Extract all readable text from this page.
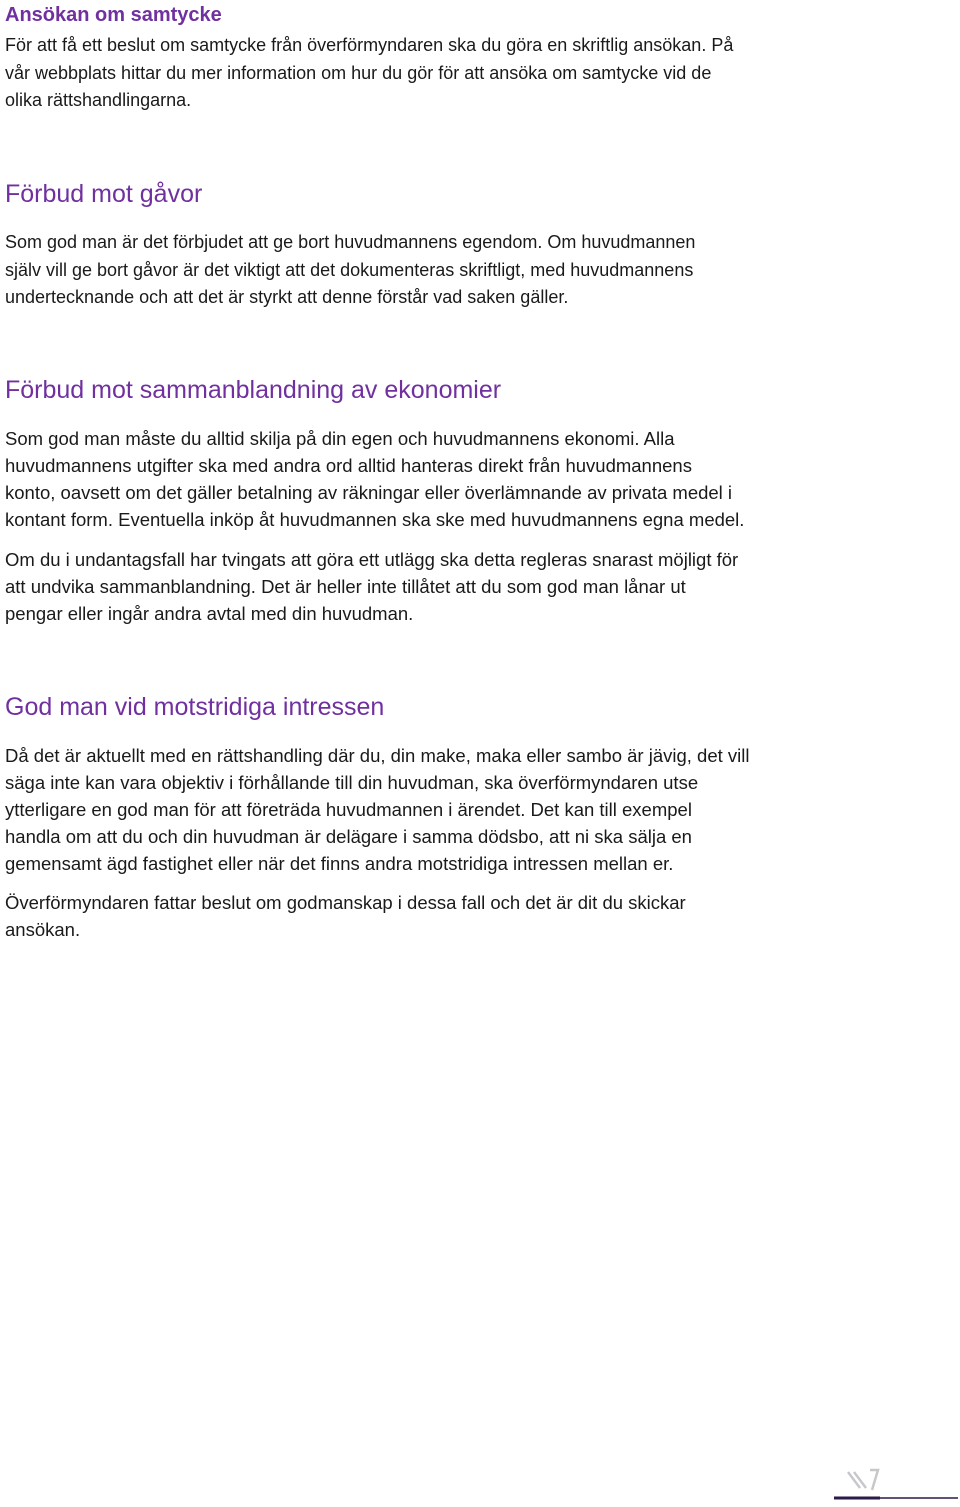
Ansökan om samtycke

För att få ett beslut om samtycke från överförmyndaren ska du göra en skriftlig ansökan. På
vår webbplats hittar du mer information om hur du gör för att ansöka om samtycke vid de
olika rättshandlingarna.

Förbud mot gåvor

Som god man är det förbjudet att ge bort huvudmannens egendom. Om huvudmannen
själv vill ge bort gåvor är det viktigt att det dokumenteras skriftligt, med huvudmannens
undertecknande och att det är styrkt att denne förstår vad saken gäller.

Förbud mot sammanblandning av ekonomier

Som god man måste du alltid skilja på din egen och huvudmannens ekonomi. Alla
huvudmannens utgifter ska med andra ord alltid hanteras direkt från huvudmannens
konto, oavsett om det gäller betalning av räkningar eller överlämnande av privata medel i
kontant form. Eventuella inköp åt huvudmannen ska ske med huvudmannens egna medel.

Om du i undantagsfall har tvingats att göra ett utlägg ska detta regleras snarast möjligt för
att undvika sammanblandning. Det är heller inte tillåtet att du som god man lånar ut
pengar eller ingår andra avtal med din huvudman.

God man vid motstridiga intressen

Då det är aktuellt med en rättshandling där du, din make, maka eller sambo är jävig, det vill
säga inte kan vara objektiv i förhållande till din huvudman, ska överförmyndaren utse
ytterligare en god man för att företräda huvudmannen i ärendet. Det kan till exempel
handla om att du och din huvudman är delägare i samma dödsbo, att ni ska sälja en
gemensamt ägd fastighet eller när det finns andra motstridiga intressen mellan er.

Överförmyndaren fattar beslut om godmanskap i dessa fall och det är dit du skickar
ansökan.
